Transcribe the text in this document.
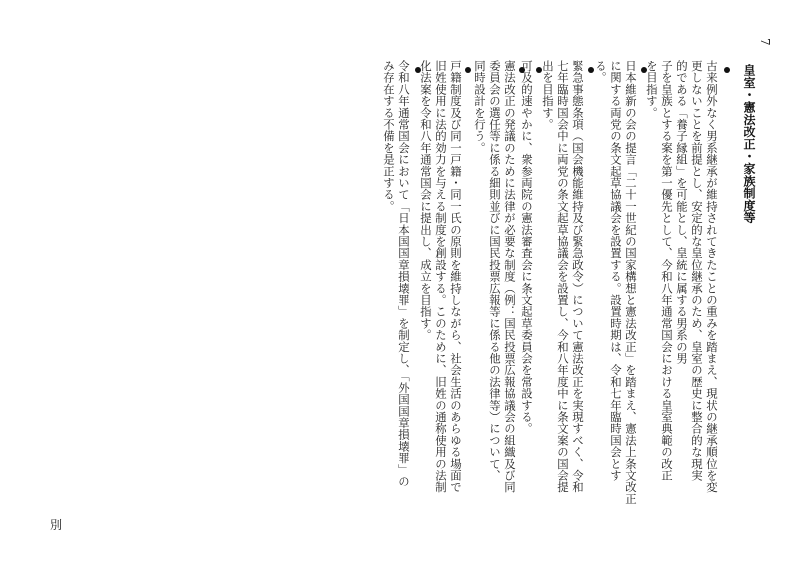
7
皇室・憲法改正・家族制度等
古来例外なく男系継承が維持されてきたことの重みを踏まえ、現状の継承順位を変
更しないことを前提とし、安定的な皇位継承のため、皇室の歴史に整合的な現実
的である「養子縁組」を可能とし、皇統に属する男系の男
子を皇族とする案を第一優先として、今和八年通常国会における皇室典範の改正
を目指す。
日本維新の会の提言「二十一世紀の国家構想と憲法改正」を踏まえ、憲法上条文改正
に関する両党の条文起草協議会を設置する。設置時期は、令和七年臨時国会とす
る。
緊急事態条項（国会機能維持及び緊急政令）について憲法改正を実現すべく、令和
七年臨時国会中に両党の条文起草協議会を設置し、今和八年度中に条文案の国会提
出を目指す。
可及的速やかに、衆参両院の憲法審査会に条文起草委員会を常設する。
憲法改正の発議のために法律が必要な制度（例：国民投票広報協議会の組織及び同
委員会の選任等に係る細則並びに国民投票広報等に係る他の法律等）について、
同時設計を行う。
戸籍制度及び同一戸籍・同一氏の原則を維持しながら、社会生活のあらゆる場面で
旧姓使用に法的効力を与える制度を創設する。このために、旧姓の通称使用の法制
化法案を令和八年通常国会に提出し、成立を目指す。
令和八年通常国会において「日本国国章損壊罪」を制定し、「外国国章損壊罪」の
み存在する不備を是正する。
別
